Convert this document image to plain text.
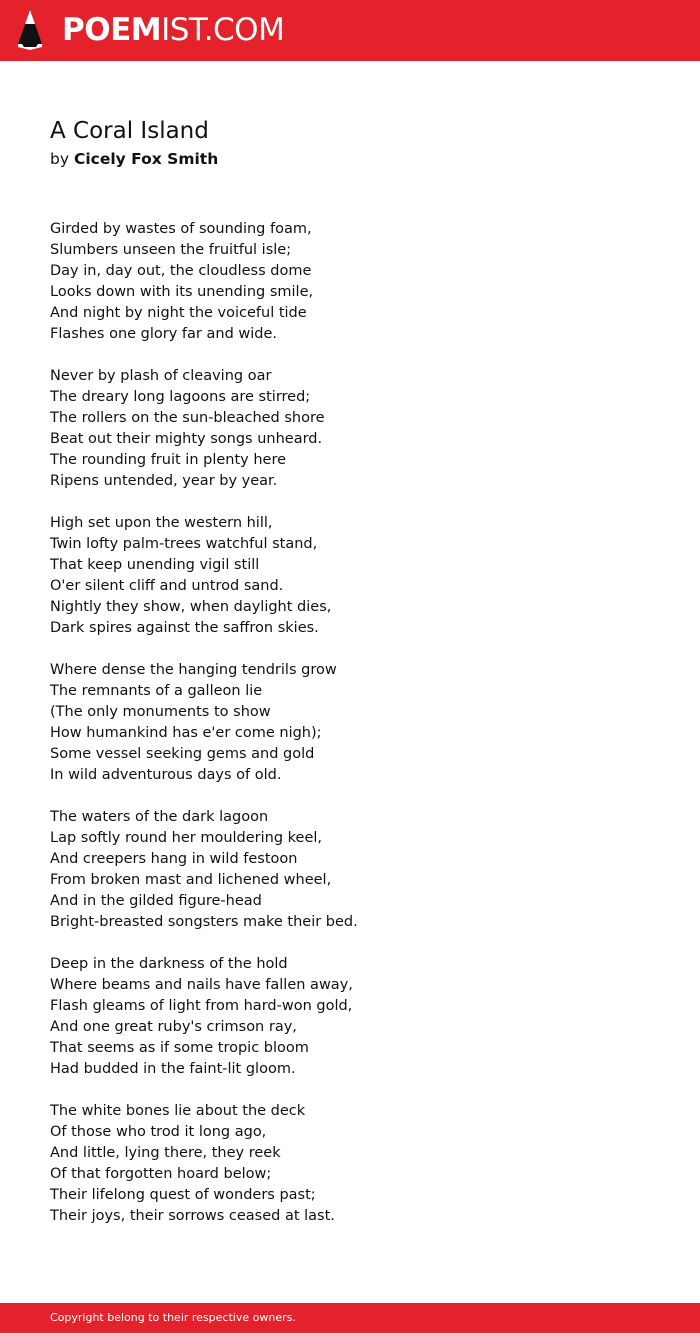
POEMIST.COM
A Coral Island
by Cicely Fox Smith
Girded by wastes of sounding foam,
Slumbers unseen the fruitful isle;
Day in, day out, the cloudless dome
Looks down with its unending smile,
And night by night the voiceful tide
Flashes one glory far and wide.
Never by plash of cleaving oar
The dreary long lagoons are stirred;
The rollers on the sun-bleached shore
Beat out their mighty songs unheard.
The rounding fruit in plenty here
Ripens untended, year by year.
High set upon the western hill,
Twin lofty palm-trees watchful stand,
That keep unending vigil still
O'er silent cliff and untrod sand.
Nightly they show, when daylight dies,
Dark spires against the saffron skies.
Where dense the hanging tendrils grow
The remnants of a galleon lie
(The only monuments to show
How humankind has e'er come nigh);
Some vessel seeking gems and gold
In wild adventurous days of old.
The waters of the dark lagoon
Lap softly round her mouldering keel,
And creepers hang in wild festoon
From broken mast and lichened wheel,
And in the gilded figure-head
Bright-breasted songsters make their bed.
Deep in the darkness of the hold
Where beams and nails have fallen away,
Flash gleams of light from hard-won gold,
And one great ruby's crimson ray,
That seems as if some tropic bloom
Had budded in the faint-lit gloom.
The white bones lie about the deck
Of those who trod it long ago,
And little, lying there, they reek
Of that forgotten hoard below;
Their lifelong quest of wonders past;
Their joys, their sorrows ceased at last.
Copyright belong to their respective owners.
